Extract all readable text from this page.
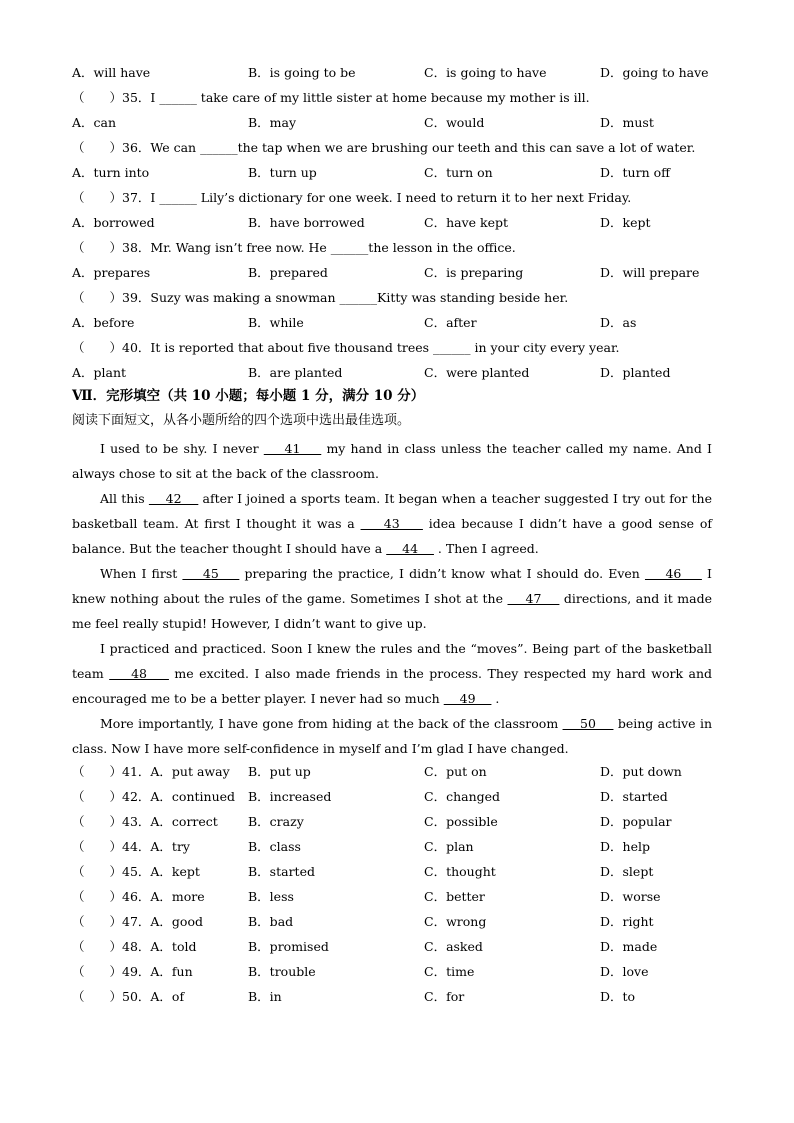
A．will have	B．is going to be	C．is going to have	D．going to have
（　　）35．I ______ take care of my little sister at home because my mother is ill.
A．can	B．may	C．would	D．must
（　　）36．We can ______the tap when we are brushing our teeth and this can save a lot of water.
A．turn into	B．turn up	C．turn on	D．turn off
（　　）37．I ______ Lily’s dictionary for one week. I need to return it to her next Friday.
A．borrowed	B．have borrowed	C．have kept	D．kept
（　　）38．Mr. Wang isn’t free now. He ______the lesson in the office.
A．prepares	B．prepared	C．is preparing	D．will prepare
（　　）39．Suzy was making a snowman ______Kitty was standing beside her.
A．before	B．while	C．after	D．as
（　　）40．It is reported that about five thousand trees ______ in your city every year.
A．plant	B．are planted	C．were planted	D．planted
Ⅶ．完形填空（共 10 小题；每小题 1 分，满分 10 分）
阅读下面短文，从各小题所给的四个选项中选出最佳选项。

I used to be shy. I never     41     my hand in class unless the teacher called my name. And I always chose to sit at the back of the classroom.

All this     42     after I joined a sports team. It began when a teacher suggested I try out for the basketball team. At first I thought it was a     43     idea because I didn’t have a good sense of balance. But the teacher thought I should have a     44     . Then I agreed.

When I first     45     preparing the practice, I didn’t know what I should do. Even     46     I knew nothing about the rules of the game. Sometimes I shot at the     47     directions, and it made me feel really stupid! However, I didn’t want to give up.

I practiced and practiced. Soon I knew the rules and the “moves”. Being part of the basketball team     48     me excited. I also made friends in the process. They respected my hard work and encouraged me to be a better player. I never had so much     49     .

More importantly, I have gone from hiding at the back of the classroom     50     being active in class. Now I have more self-confidence in myself and I’m glad I have changed.

（　　）41．A．put away B．put up	C．put on	D．put down
（　　）42．A．continued B．increased	C．changed	D．started
（　　）43．A．correct B．crazy	C．possible	D．popular
（　　）44．A．try	B．class	C．plan	D．help
（　　）45．A．kept	B．started	C．thought	D．slept
（　　）46．A．more	B．less	C．better	D．worse
（　　）47．A．good	B．bad	C．wrong	D．right
（　　）48．A．told	B．promised	C．asked	D．made
（　　）49．A．fun	B．trouble	C．time	D．love
（　　）50．A．of	B．in	C．for	D．to
